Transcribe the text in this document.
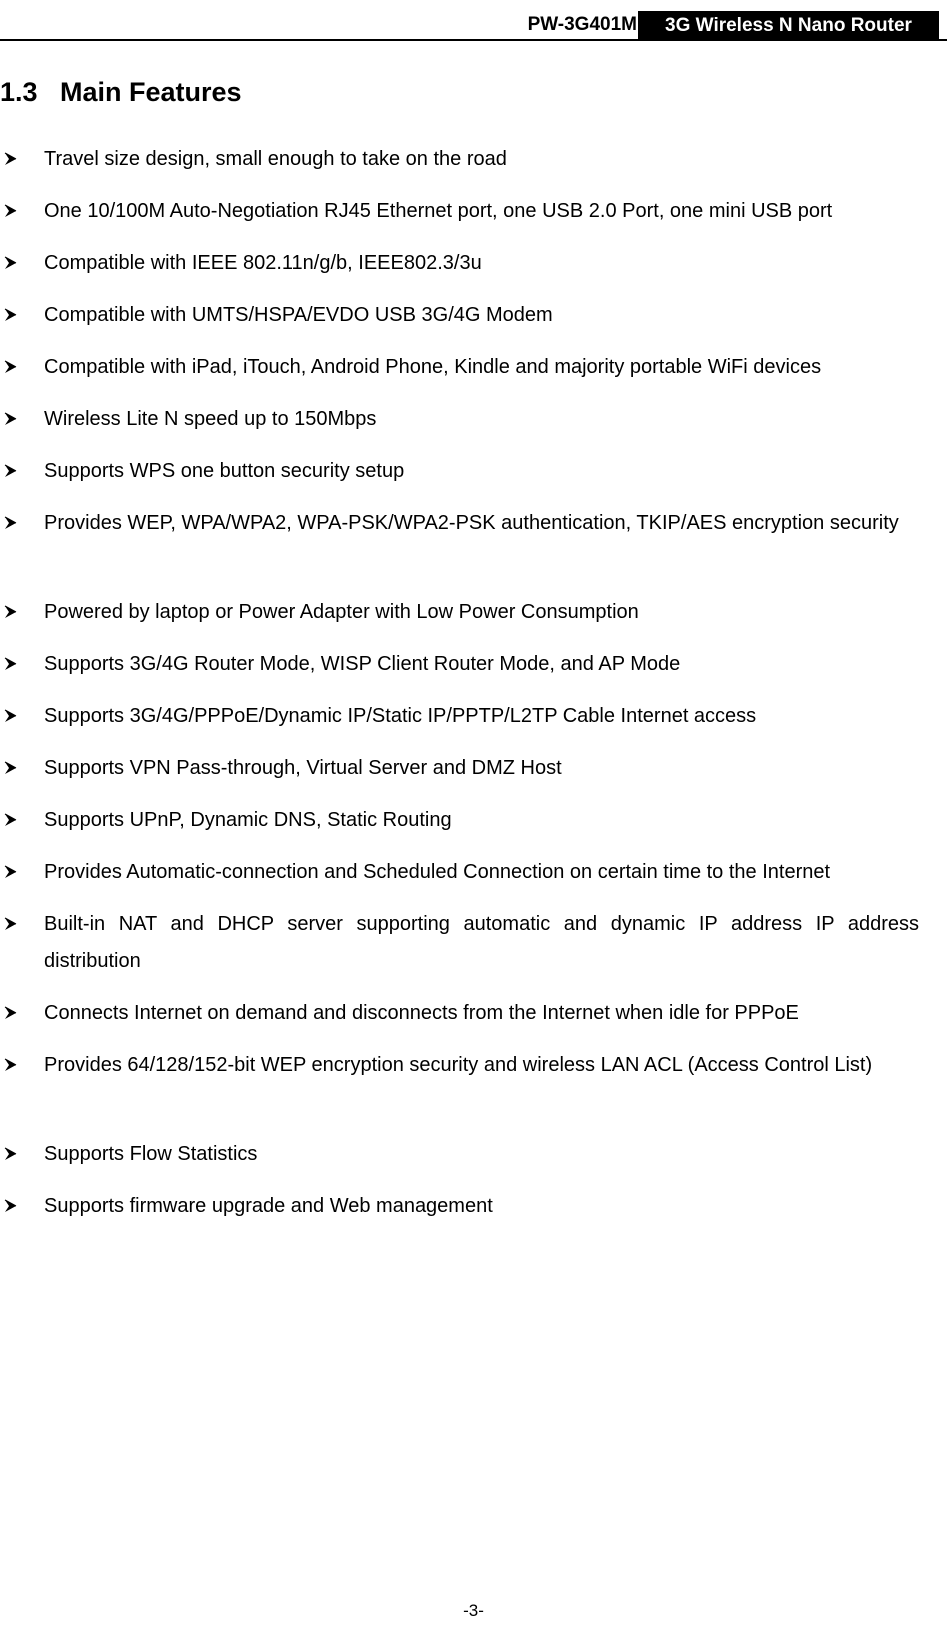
PW-3G401M	3G Wireless N Nano Router
1.3 Main Features
Travel size design, small enough to take on the road
One 10/100M Auto-Negotiation RJ45 Ethernet port, one USB 2.0 Port, one mini USB port
Compatible with IEEE 802.11n/g/b, IEEE802.3/3u
Compatible with UMTS/HSPA/EVDO USB 3G/4G Modem
Compatible with iPad, iTouch, Android Phone, Kindle and majority portable WiFi devices
Wireless Lite N speed up to 150Mbps
Supports WPS one button security setup
Provides WEP, WPA/WPA2, WPA-PSK/WPA2-PSK authentication, TKIP/AES encryption security
Powered by laptop or Power Adapter with Low Power Consumption
Supports 3G/4G Router Mode, WISP Client Router Mode, and AP Mode
Supports 3G/4G/PPPoE/Dynamic IP/Static IP/PPTP/L2TP Cable Internet access
Supports VPN Pass-through, Virtual Server and DMZ Host
Supports UPnP, Dynamic DNS, Static Routing
Provides Automatic-connection and Scheduled Connection on certain time to the Internet
Built-in NAT and DHCP server supporting automatic and dynamic IP address IP address distribution
Connects Internet on demand and disconnects from the Internet when idle for PPPoE
Provides 64/128/152-bit WEP encryption security and wireless LAN ACL (Access Control List)
Supports Flow Statistics
Supports firmware upgrade and Web management
-3-
